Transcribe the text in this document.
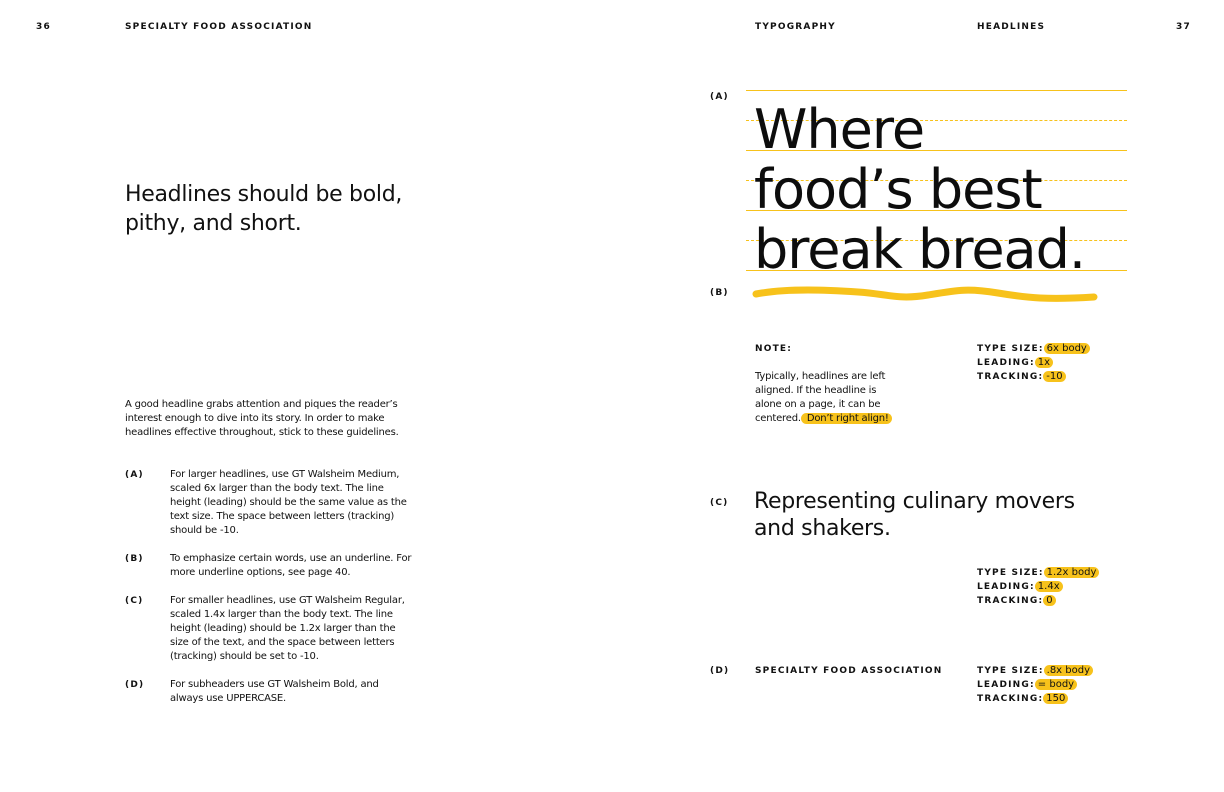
36	SPECIALTY FOOD ASSOCIATION	TYPOGRAPHY	HEADLINES	37
Headlines should be bold,
pithy, and short.
A good headline grabs attention and piques the reader’s
interest enough to dive into its story. In order to make
headlines effective throughout, stick to these guidelines.
(A)	For larger headlines, use GT Walsheim Medium,
scaled 6x larger than the body text. The line
height (leading) should be the same value as the
text size. The space between letters (tracking)
should be -10.
(B)	To emphasize certain words, use an underline. For
more underline options, see page 40.
(C)	For smaller headlines, use GT Walsheim Regular,
scaled 1.4x larger than the body text. The line
height (leading) should be 1.2x larger than the
size of the text, and the space between letters
(tracking) should be set to -10.
(D)	For subheaders use GT Walsheim Bold, and
always use UPPERCASE.
(A)
(B)
Where
food’s best
break bread.
NOTE:
Typically, headlines are left
aligned. If the headline is
alone on a page, it can be
centered. Don’t right align!
TYPE SIZE: 6x body
LEADING: 1x
TRACKING: -10
(C) Representing culinary movers
and shakers.
TYPE SIZE: 1.2x body
LEADING: 1.4x
TRACKING: 0
(D)	SPECIALTY FOOD ASSOCIATION	TYPE SIZE: .8x body
LEADING: = body
TRACKING: 150
